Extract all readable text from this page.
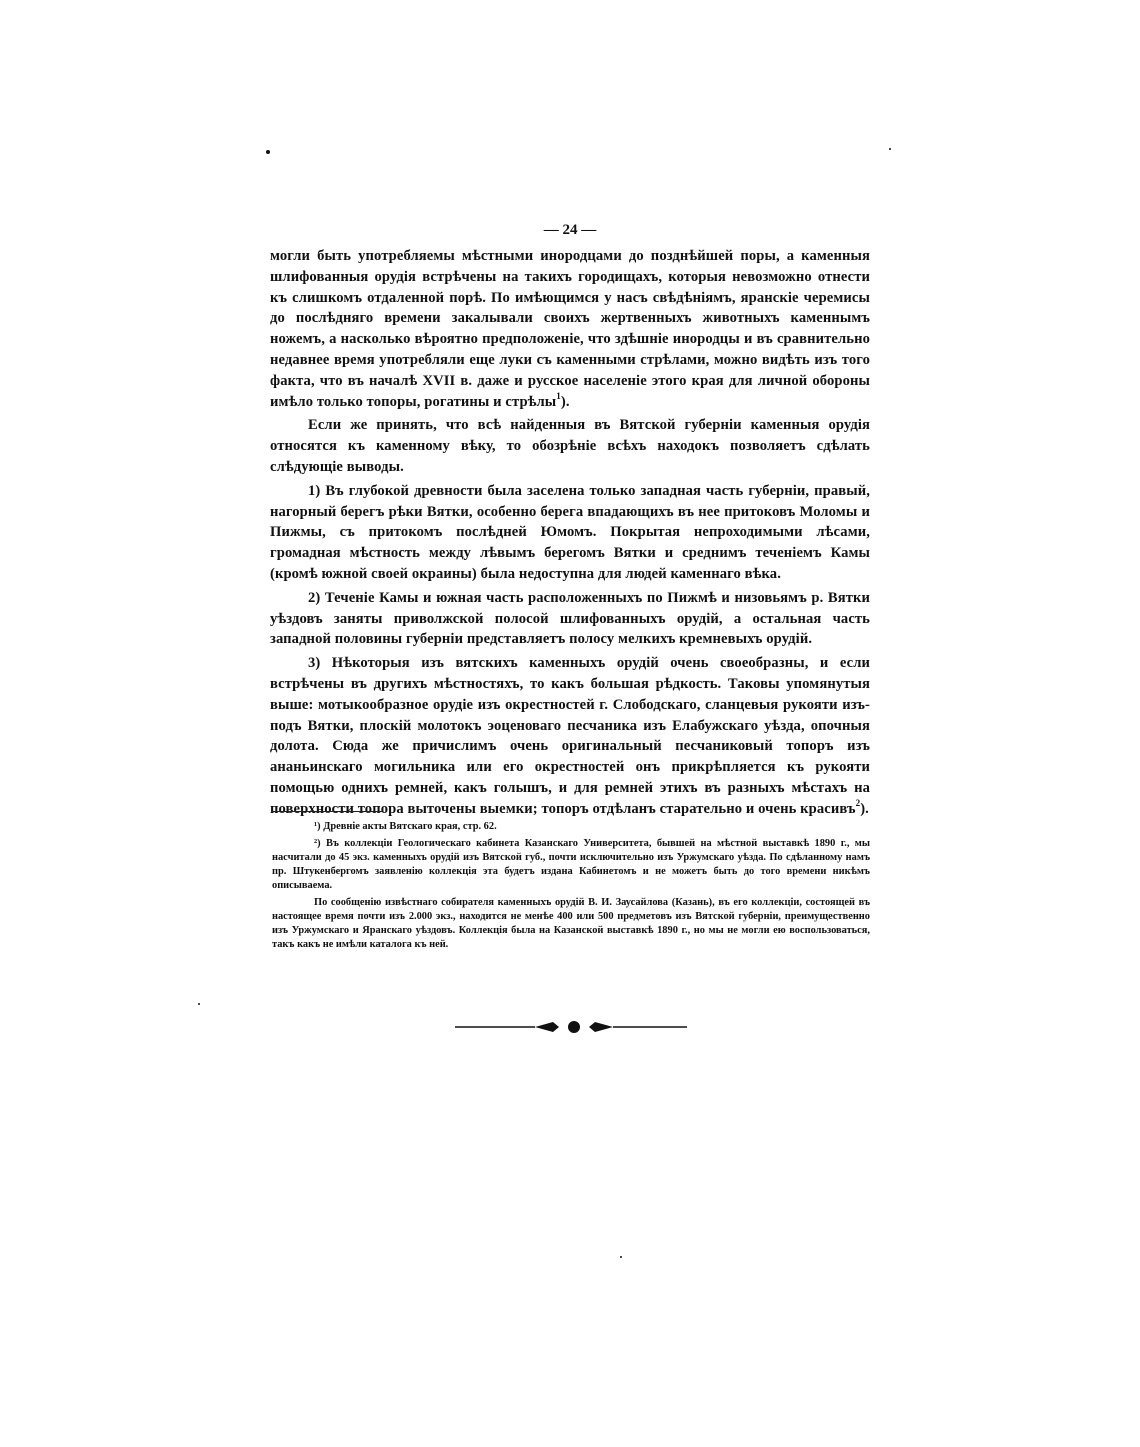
— 24 —

могли быть употребляемы мѣстными инородцами до позднѣйшей поры, а каменныя шлифованныя орудія встрѣчены на такихъ городищахъ, которыя невозможно отнести къ слишкомъ отдаленной порѣ. По имѣющимся у насъ свѣдѣніямъ, яранскіе черемисы до послѣдняго времени закалывали своихъ жертвенныхъ животныхъ каменнымъ ножемъ, а насколько вѣроятно предположеніе, что здѣшніе инородцы и въ сравнительно недавнее время употребляли еще луки съ каменными стрѣлами, можно видѣть изъ того факта, что въ началѣ XVII в. даже и русское населеніе этого края для личной обороны имѣло только топоры, рогатины и стрѣлы$^1$).

Если же принять, что всѣ найденныя въ Вятской губерніи каменныя орудія относятся къ каменному вѣку, то обозрѣніе всѣхъ находокъ позволяетъ сдѣлать слѣдующіе выводы.

1) Въ глубокой древности была заселена только западная часть губерніи, правый, нагорный берегъ рѣки Вятки, особенно берега впадающихъ въ нее притоковъ Моломы и Пижмы, съ притокомъ послѣдней Юмомъ. Покрытая непроходимыми лѣсами, громадная мѣстность между лѣвымъ берегомъ Вятки и среднимъ теченіемъ Камы (кромѣ южной своей окраины) была недоступна для людей каменнаго вѣка.

2) Теченіе Камы и южная часть расположенныхъ по Пижмѣ и низовьямъ р. Вятки уѣздовъ заняты приволжской полосой шлифованныхъ орудій, а остальная часть западной половины губерніи представляетъ полосу мелкихъ кремневыхъ орудій.

3) Нѣкоторыя изъ вятскихъ каменныхъ орудій очень своеобразны, и если встрѣчены въ другихъ мѣстностяхъ, то какъ большая рѣдкость. Таковы упомянутыя выше: мотыкообразное орудіе изъ окрестностей г. Слободскаго, сланцевыя рукояти изъ-подъ Вятки, плоскій молотокъ эоценоваго песчаника изъ Елабужскаго уѣзда, опочныя долота. Сюда же причислимъ очень оригинальный песчаниковый топоръ изъ ананьинскаго могильника или его окрестностей онъ прикрѣпляется къ рукояти помощью однихъ ремней, какъ голышъ, и для ремней этихъ въ разныхъ мѣстахъ на поверхности топора выточены выемки; топоръ отдѣланъ старательно и очень красивъ$^2$).

¹) Древніе акты Вятскаго края, стр. 62.

²) Въ коллекціи Геологическаго кабинета Казанскаго Университета, бывшей на мѣстной выставкѣ 1890 г., мы насчитали до 45 экз. каменныхъ орудій изъ Вятской губ., почти исключительно изъ Уржумскаго уѣзда. По сдѣланному намъ пр. Штукенбергомъ заявленію коллекція эта будетъ издана Кабинетомъ и не можетъ быть до того времени никѣмъ описываема.

По сообщенію извѣстнаго собирателя каменныхъ орудій В. И. Заусайлова (Казань), въ его коллекціи, состоящей въ настоящее время почти изъ 2.000 экз., находится не менѣе 400 или 500 предметовъ изъ Вятской губерніи, преимущественно изъ Уржумскаго и Яранскаго уѣздовъ. Коллекція была на Казанской выставкѣ 1890 г., но мы не могли ею воспользоваться, такъ какъ не имѣли каталога къ ней.
